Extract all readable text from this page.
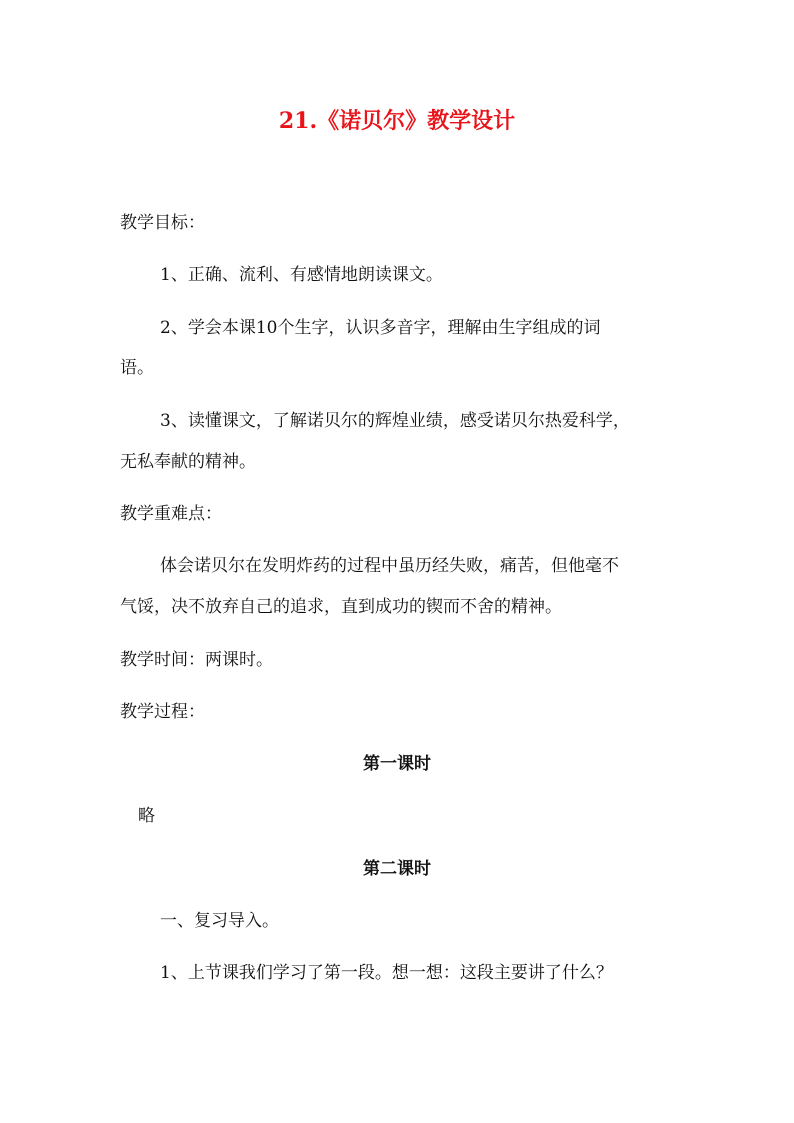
21.《诺贝尔》教学设计
教学目标：
1、正确、流利、有感情地朗读课文。
2、学会本课10个生字，认识多音字，理解由生字组成的词
语。
3、读懂课文，了解诺贝尔的辉煌业绩，感受诺贝尔热爱科学，
无私奉献的精神。
教学重难点：
体会诺贝尔在发明炸药的过程中虽历经失败，痛苦，但他毫不
气馁，决不放弃自己的追求，直到成功的锲而不舍的精神。
教学时间：两课时。
教学过程：
第一课时
略
第二课时
一、复习导入。
1、上节课我们学习了第一段。想一想：这段主要讲了什么？
